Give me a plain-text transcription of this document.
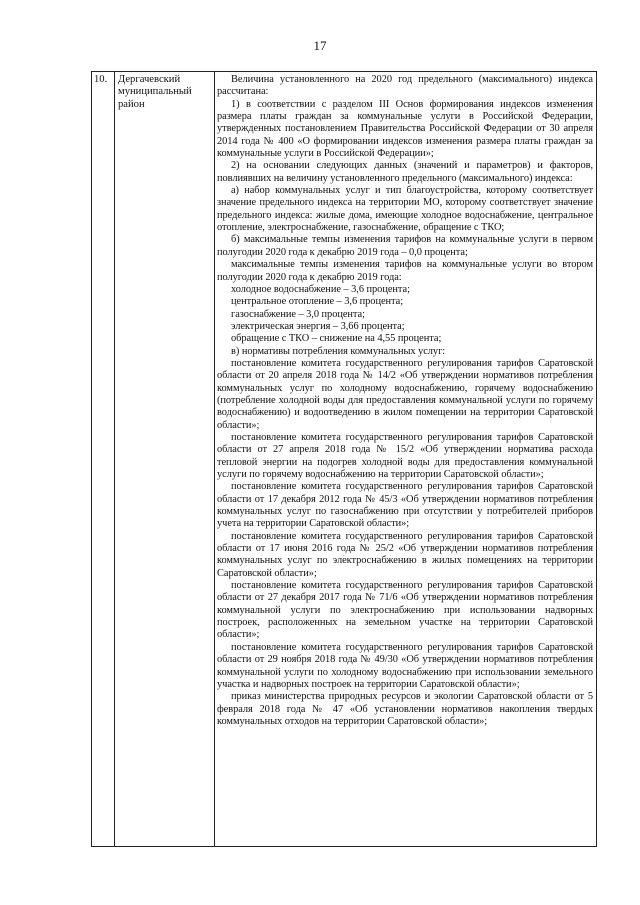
17
10.	Дергачевский муниципальный район

Величина установленного на 2020 год предельного (максимального) индекса рассчитана:

1) в соответствии с разделом III Основ формирования индексов изменения размера платы граждан за коммунальные услуги в Российской Федерации, утвержденных постановлением Правительства Российской Федерации от 30 апреля 2014 года № 400 «О формировании индексов изменения размера платы граждан за коммунальные услуги в Российской Федерации»;

2) на основании следующих данных (значений и параметров) и факторов, повлиявших на величину установленного предельного (максимального) индекса:

а) набор коммунальных услуг и тип благоустройства, которому соответствует значение предельного индекса на территории МО, которому соответствует значение предельного индекса: жилые дома, имеющие холодное водоснабжение, центральное отопление, электроснабжение, газоснабжение, обращение с ТКО;

б) максимальные темпы изменения тарифов на коммунальные услуги в первом полугодии 2020 года к декабрю 2019 года – 0,0 процента;

максимальные темпы изменения тарифов на коммунальные услуги во втором полугодии 2020 года к декабрю 2019 года:

холодное водоснабжение – 3,6 процента;

центральное отопление – 3,6 процента;

газоснабжение – 3,0 процента;

электрическая энергия – 3,66 процента;

обращение с ТКО – снижение на 4,55 процента;

в) нормативы потребления коммунальных услуг:

постановление комитета государственного регулирования тарифов Саратовской области от 20 апреля 2018 года № 14/2 «Об утверждении нормативов потребления коммунальных услуг по холодному водоснабжению, горячему водоснабжению (потребление холодной воды для предоставления коммунальной услуги по горячему водоснабжению) и водоотведению в жилом помещении на территории Саратовской области»;

постановление комитета государственного регулирования тарифов Саратовской области от 27 апреля 2018 года № 15/2 «Об утверждении норматива расхода тепловой энергии на подогрев холодной воды для предоставления коммунальной услуги по горячему водоснабжению на территории Саратовской области»;

постановление комитета государственного регулирования тарифов Саратовской области от 17 декабря 2012 года № 45/3 «Об утверждении нормативов потребления коммунальных услуг по газоснабжению при отсутствии у потребителей приборов учета на территории Саратовской области»;

постановление комитета государственного регулирования тарифов Саратовской области от 17 июня 2016 года № 25/2 «Об утверждении нормативов потребления коммунальных услуг по электроснабжению в жилых помещениях на территории Саратовской области»;

постановление комитета государственного регулирования тарифов Саратовской области от 27 декабря 2017 года № 71/6 «Об утверждении нормативов потребления коммунальной услуги по электроснабжению при использовании надворных построек, расположенных на земельном участке на территории Саратовской области»;

постановление комитета государственного регулирования тарифов Саратовской области от 29 ноября 2018 года № 49/30 «Об утверждении нормативов потребления коммунальной услуги по холодному водоснабжению при использовании земельного участка и надворных построек на территории Саратовской области»;

приказ министерства природных ресурсов и экологии Саратовской области от 5 февраля 2018 года № 47 «Об установлении нормативов накопления твердых коммунальных отходов на территории Саратовской области»;
